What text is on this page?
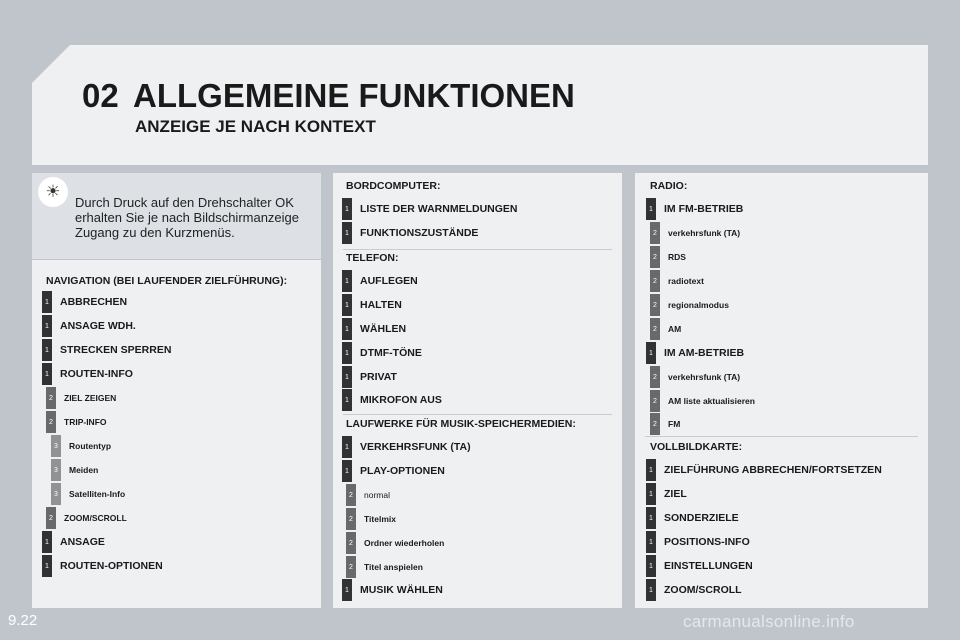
02 ALLGEMEINE FUNKTIONEN
ANZEIGE JE NACH KONTEXT
☀
Durch Druck auf den Drehschalter OK erhalten Sie je nach Bildschirmanzeige Zugang zu den Kurzmenüs.
NAVIGATION (BEI LAUFENDER ZIELFÜHRUNG):
BORDCOMPUTER:
TELEFON:
LAUFWERKE FÜR MUSIK-SPEICHERMEDIEN:
RADIO:
VOLLBILDKARTE:
1 ABBRECHEN
1 ANSAGE WDH.
1 STRECKEN SPERREN
1 ROUTEN-INFO
2	ZIEL ZEIGEN
2	TRIP-INFO
3	Routentyp
3	Meiden
3	Satelliten-Info
2	ZOOM/SCROLL
1 ANSAGE
1 ROUTEN-OPTIONEN
1 LISTE DER WARNMELDUNGEN
1 FUNKTIONSZUSTÄNDE
1 AUFLEGEN
1 HALTEN
1 WÄHLEN
1 DTMF-TÖNE
1 PRIVAT
1 MIKROFON AUS
1 VERKEHRSFUNK (TA)
1 PLAY-OPTIONEN
2	normal
2	Titelmix
2	Ordner wiederholen
2	Titel anspielen
1 MUSIK WÄHLEN
1 IM FM-BETRIEB
2	verkehrsfunk (TA)
2	RDS
2	radiotext
2	regionalmodus
2	AM
1 IM AM-BETRIEB
2	verkehrsfunk (TA)
2	AM liste aktualisieren
2	FM
1 ZIELFÜHRUNG ABBRECHEN/FORTSETZEN
1 ZIEL
1 SONDERZIELE
1 POSITIONS-INFO
1 EINSTELLUNGEN
1 ZOOM/SCROLL
9.22	carmanualsonline.info
